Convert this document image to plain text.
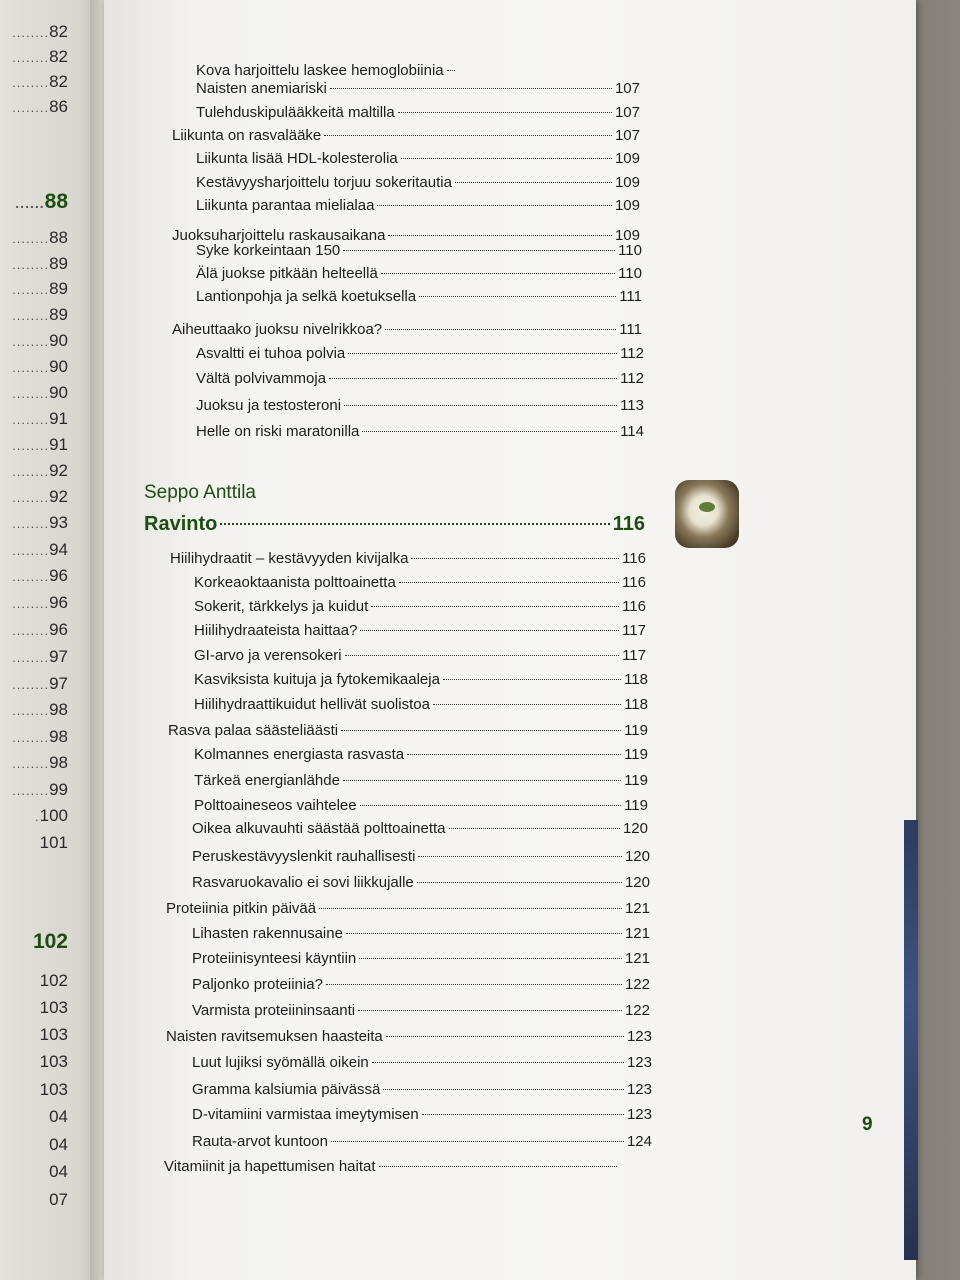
........82
........82
........82
........86
......88
........88
........89
........89
........89
........90
........90
........90
........91
........91
........92
........92
........93
........94
........96
........96
........96
........97
........97
........98
........98
........98
........99
.100
101
102
102
103
103
103
103
04
04
04
07
Kova harjoittelu laskee hemoglobiinia
Naisten anemiariski	107
Tulehduskipulääkkeitä maltilla	107
Liikunta on rasvalääke	107
Liikunta lisää HDL-kolesterolia	109
Kestävyysharjoittelu torjuu sokeritautia	109
Liikunta parantaa mielialaa	109
Juoksuharjoittelu raskausaikana	109
Syke korkeintaan 150	110
Älä juokse pitkään helteellä	110
Lantionpohja ja selkä koetuksella	111
Aiheuttaako juoksu nivelrikkoa?	111
Asvaltti ei tuhoa polvia	112
Vältä polvivammoja	112
Juoksu ja testosteroni	113
Helle on riski maratonilla	114
Seppo Anttila
Ravinto	116
Hiilihydraatit – kestävyyden kivijalka	116
Korkeaoktaanista polttoainetta	116
Sokerit, tärkkelys ja kuidut	116
Hiilihydraateista haittaa?	117
GI-arvo ja verensokeri	117
Kasviksista kuituja ja fytokemikaaleja	118
Hiilihydraattikuidut hellivät suolistoa	118
Rasva palaa säästeliäästi	119
Kolmannes energiasta rasvasta	119
Tärkeä energianlähde	119
Polttoaineseos vaihtelee	119
Oikea alkuvauhti säästää polttoainetta	120
Peruskestävyyslenkit rauhallisesti	120
Rasvaruokavalio ei sovi liikkujalle	120
Proteiinia pitkin päivää	121
Lihasten rakennusaine	121
Proteiinisynteesi käyntiin	121
Paljonko proteiinia?	122
Varmista proteiininsaanti	122
Naisten ravitsemuksen haasteita	123
Luut lujiksi syömällä oikein	123
Gramma kalsiumia päivässä	123
D-vitamiini varmistaa imeytymisen	123
Rauta-arvot kuntoon	124
Vitamiinit ja hapettumisen haitat
9
